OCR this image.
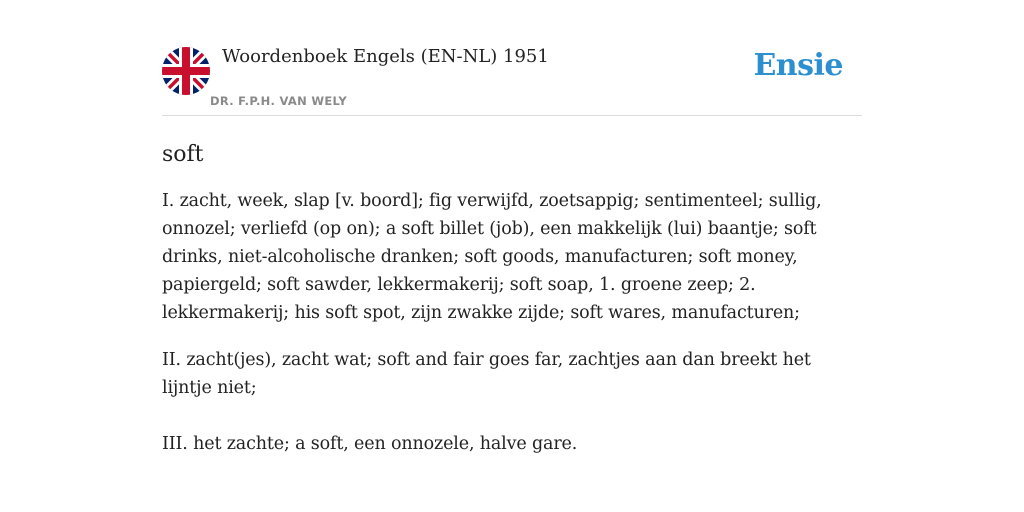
Woordenboek Engels (EN-NL) 1951
DR. F.P.H. VAN WELY
Ensie
soft

I. zacht, week, slap [v. boord]; fig verwijfd, zoetsappig; sentimenteel; sullig, onnozel; verliefd (op on); a soft billet (job), een makkelijk (lui) baantje; soft drinks, niet-alcoholische dranken; soft goods, manufacturen; soft money, papiergeld; soft sawder, lekkermakerij; soft soap, 1. groene zeep; 2. lekkermakerij; his soft spot, zijn zwakke zijde; soft wares, manufacturen;

II. zacht(jes), zacht wat; soft and fair goes far, zachtjes aan dan breekt het lijntje niet;

III. het zachte; a soft, een onnozele, halve gare.
